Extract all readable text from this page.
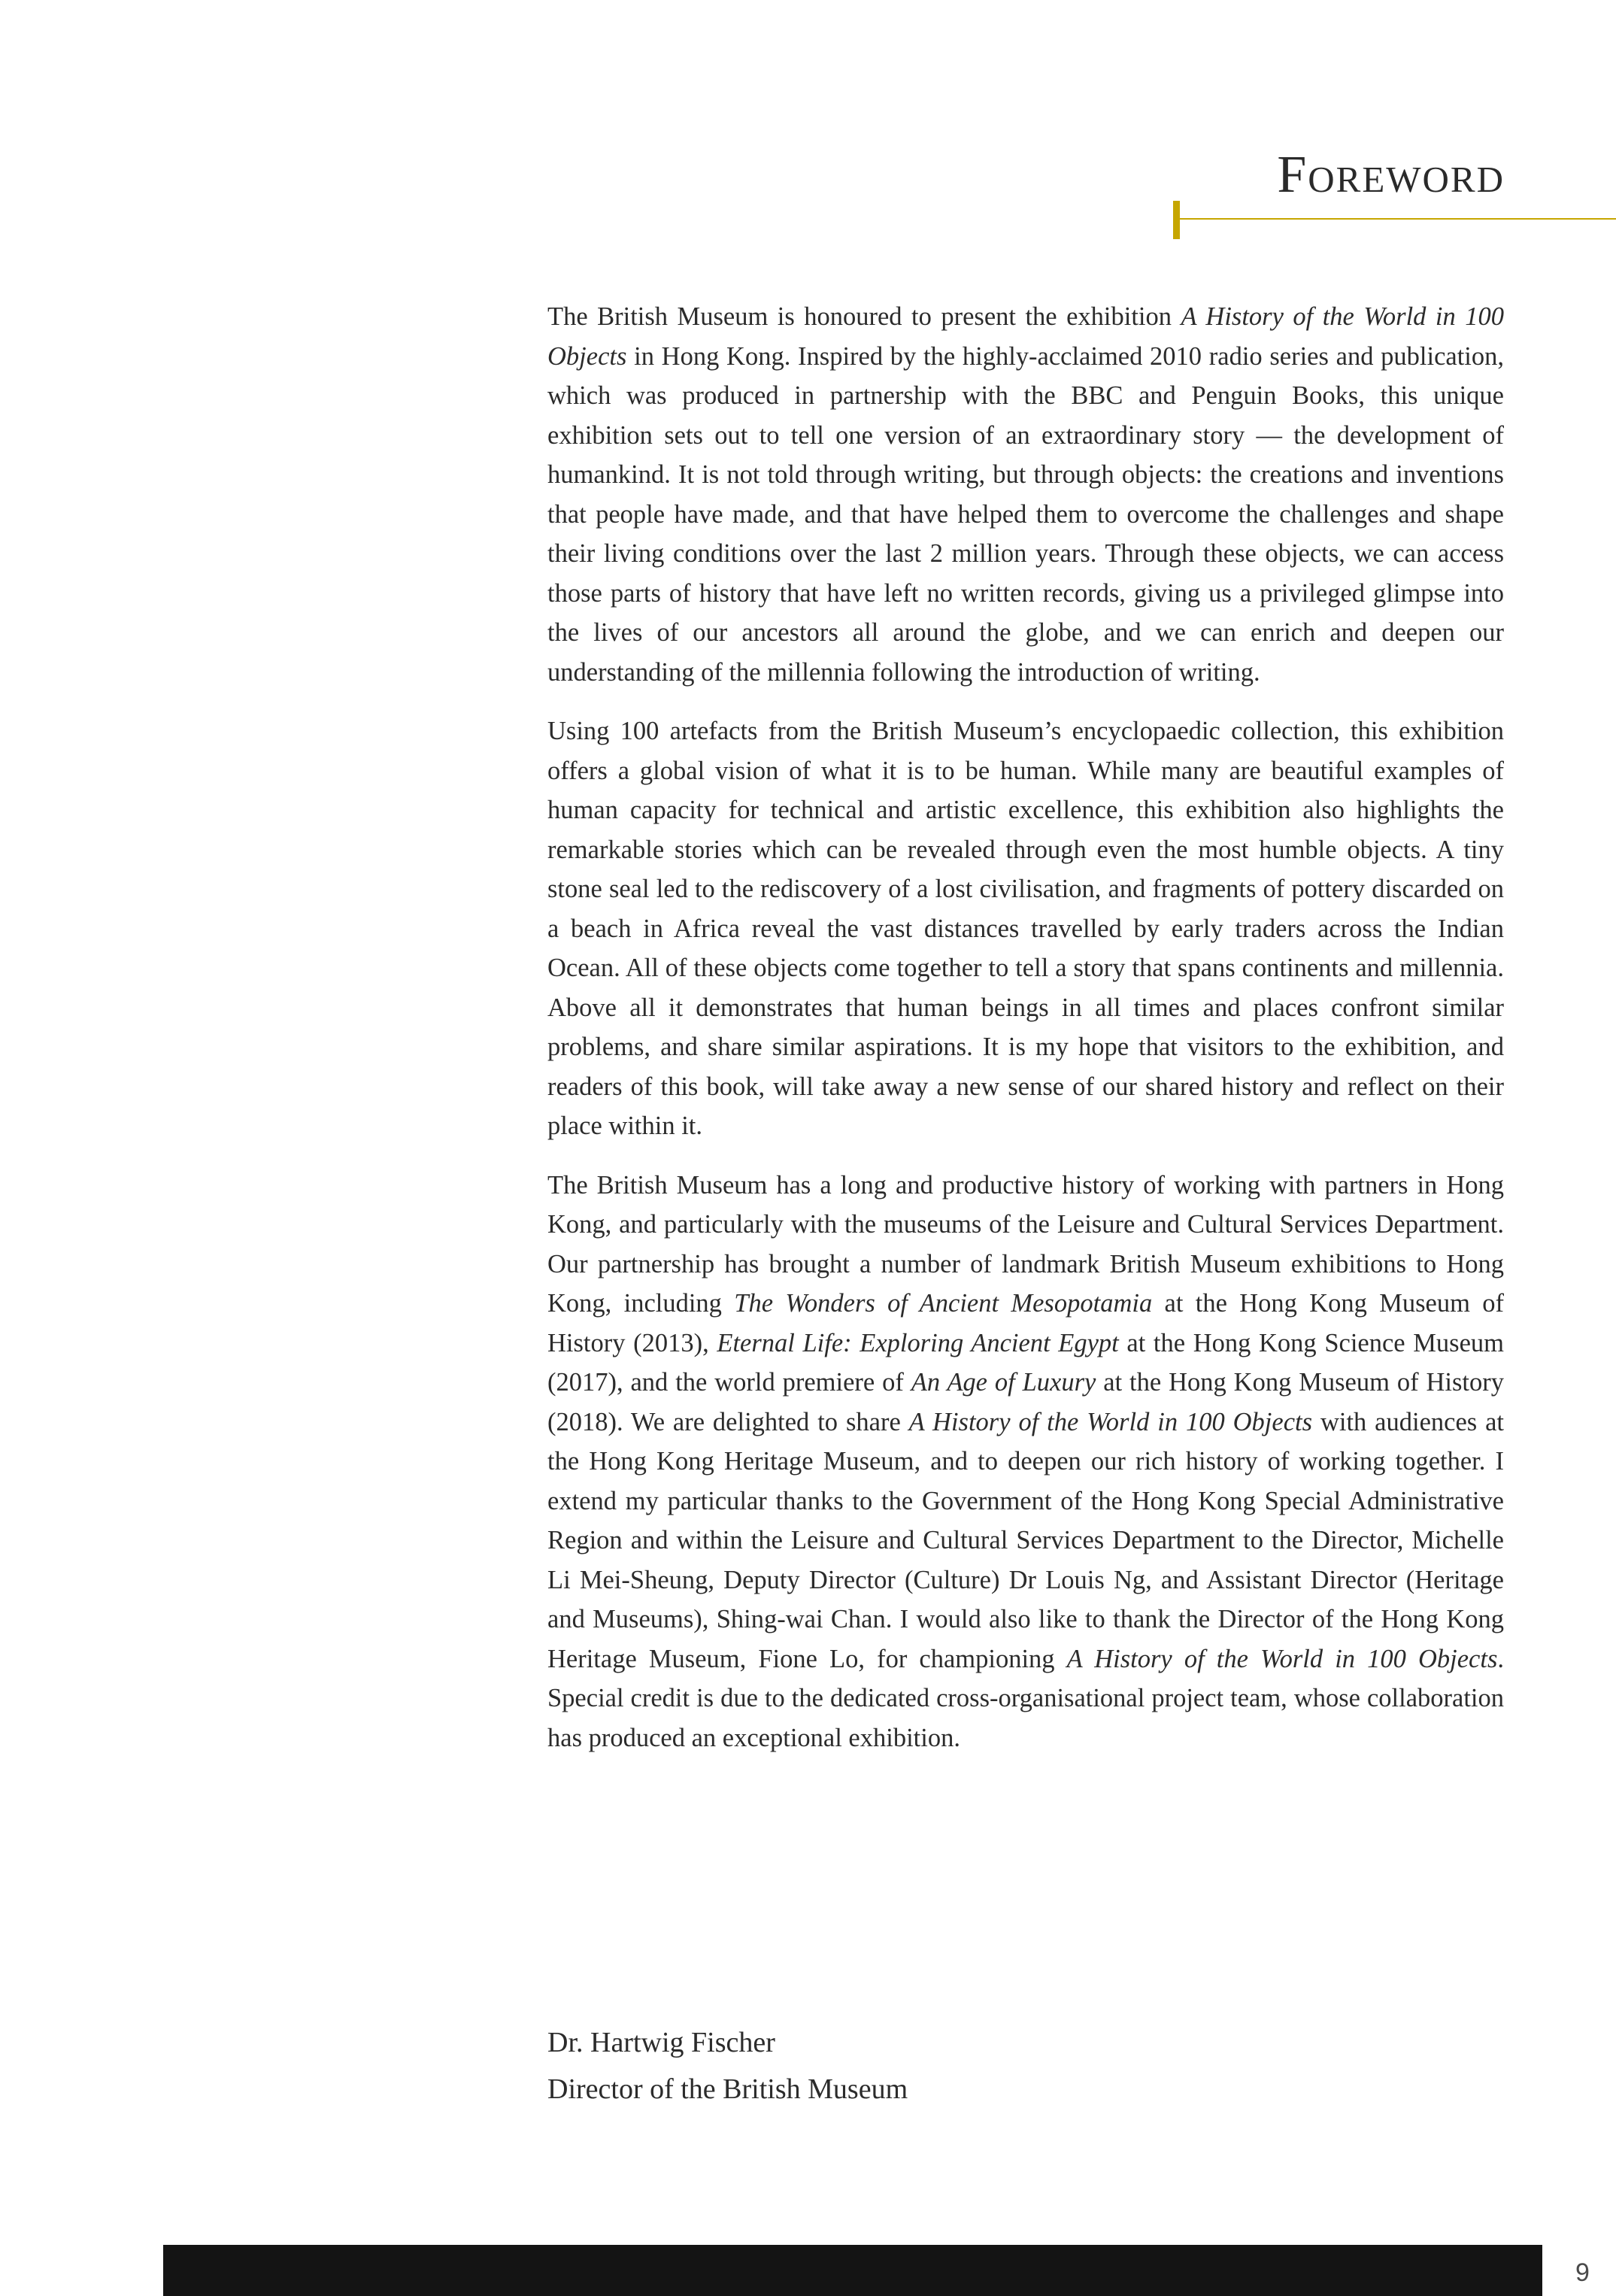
Foreword

The British Museum is honoured to present the exhibition A History of the World in 100 Objects in Hong Kong. Inspired by the highly-acclaimed 2010 radio series and publication, which was produced in partnership with the BBC and Penguin Books, this unique exhibition sets out to tell one version of an extraordinary story — the development of humankind. It is not told through writing, but through objects: the creations and inventions that people have made, and that have helped them to overcome the challenges and shape their living conditions over the last 2 million years. Through these objects, we can access those parts of history that have left no written records, giving us a privileged glimpse into the lives of our ancestors all around the globe, and we can enrich and deepen our understanding of the millennia following the introduction of writing.

Using 100 artefacts from the British Museum’s encyclopaedic collection, this exhibition offers a global vision of what it is to be human. While many are beautiful examples of human capacity for technical and artistic excellence, this exhibition also highlights the remarkable stories which can be revealed through even the most humble objects. A tiny stone seal led to the rediscovery of a lost civilisation, and fragments of pottery discarded on a beach in Africa reveal the vast distances travelled by early traders across the Indian Ocean. All of these objects come together to tell a story that spans continents and millennia. Above all it demonstrates that human beings in all times and places confront similar problems, and share similar aspirations. It is my hope that visitors to the exhibition, and readers of this book, will take away a new sense of our shared history and reflect on their place within it.

The British Museum has a long and productive history of working with partners in Hong Kong, and particularly with the museums of the Leisure and Cultural Services Department. Our partnership has brought a number of landmark British Museum exhibitions to Hong Kong, including The Wonders of Ancient Mesopotamia at the Hong Kong Museum of History (2013), Eternal Life: Exploring Ancient Egypt at the Hong Kong Science Museum (2017), and the world premiere of An Age of Luxury at the Hong Kong Museum of History (2018). We are delighted to share A History of the World in 100 Objects with audiences at the Hong Kong Heritage Museum, and to deepen our rich history of working together. I extend my particular thanks to the Government of the Hong Kong Special Administrative Region and within the Leisure and Cultural Services Department to the Director, Michelle Li Mei-Sheung, Deputy Director (Culture) Dr Louis Ng, and Assistant Director (Heritage and Museums), Shing-wai Chan. I would also like to thank the Director of the Hong Kong Heritage Museum, Fione Lo, for championing A History of the World in 100 Objects. Special credit is due to the dedicated cross-organisational project team, whose collaboration has produced an exceptional exhibition.

Dr. Hartwig Fischer
Director of the British Museum
9
